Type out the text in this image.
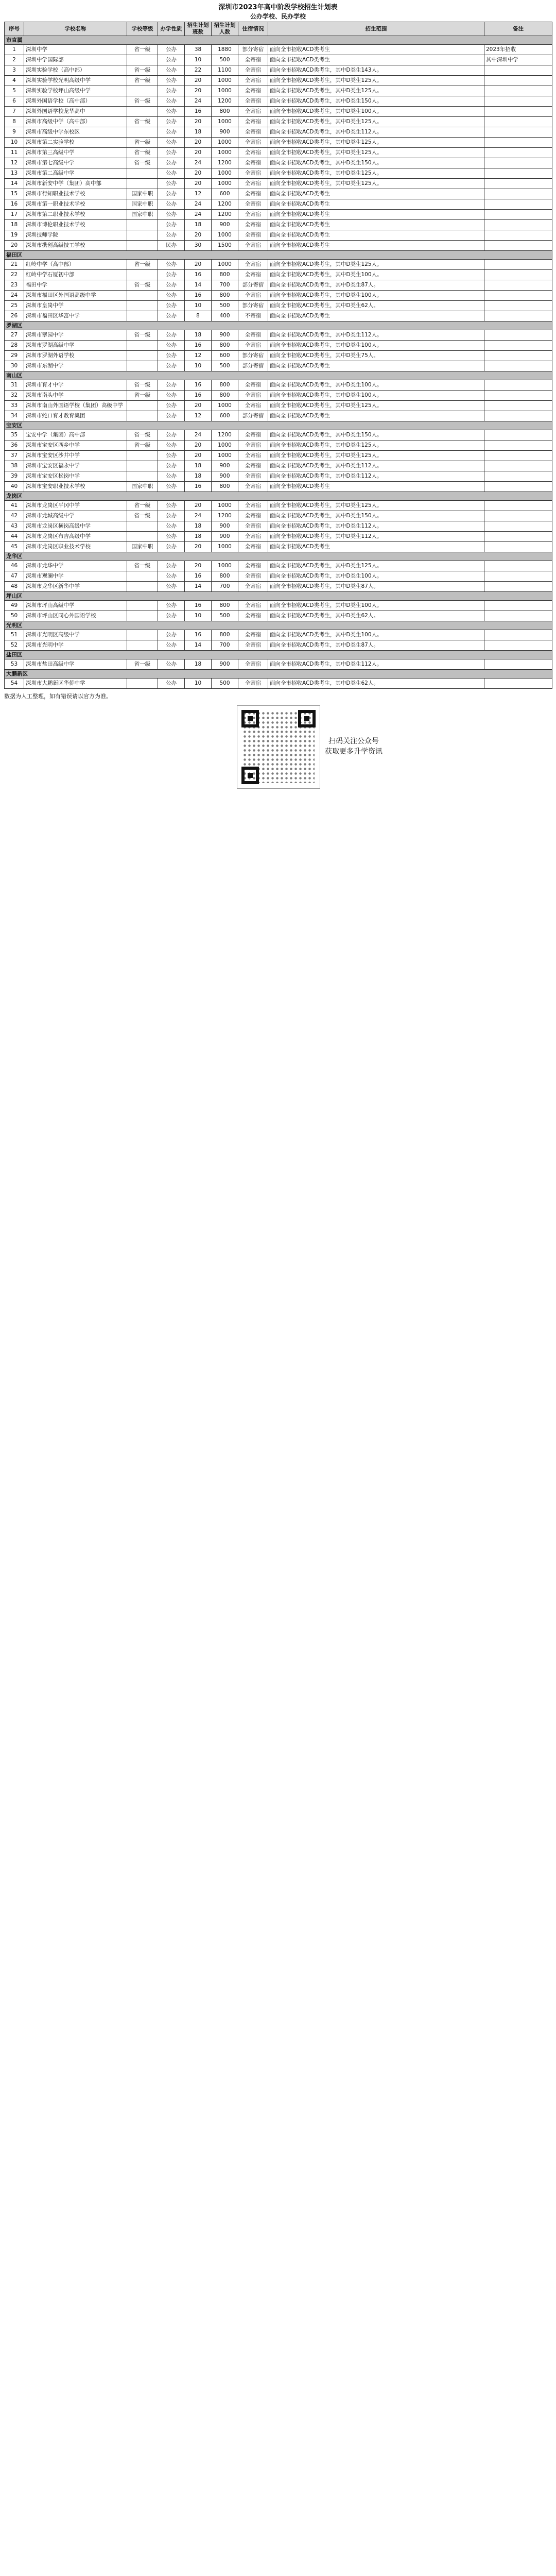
深圳市2023年高中阶段学校招生计划表
公办学校、民办学校
序号	学校名称	学校等级	办学性质	招生计划班数	招生计划人数	住宿情况	招生范围	备注
市直属								
1	深圳中学	省一级	公办	38	1880	部分寄宿	面向全市招收ACD类考生	2023年招收
2	深圳中学国际部		公办	10	500	全寄宿	面向全市招收ACD类考生	其中深圳中学
3	深圳实验学校（高中部）	省一级	公办	22	1100	全寄宿	面向全市招收ACD类考生，其中D类生143人。	
4	深圳实验学校光明高级中学	省一级	公办	20	1000	全寄宿	面向全市招收ACD类考生，其中D类生125人。	
5	深圳实验学校坪山高级中学		公办	20	1000	全寄宿	面向全市招收ACD类考生，其中D类生125人。	
6	深圳外国语学校（高中部）	省一级	公办	24	1200	全寄宿	面向全市招收ACD类考生，其中D类生150人。	
7	深圳外国语学校龙华高中		公办	16	800	全寄宿	面向全市招收ACD类考生，其中D类生100人。	
8	深圳市高级中学（高中部）	省一级	公办	20	1000	全寄宿	面向全市招收ACD类考生，其中D类生125人。	
9	深圳市高级中学东校区		公办	18	900	全寄宿	面向全市招收ACD类考生，其中D类生112人。	
10	深圳市第二实验学校	省一级	公办	20	1000	全寄宿	面向全市招收ACD类考生，其中D类生125人。	
11	深圳市第三高级中学	省一级	公办	20	1000	全寄宿	面向全市招收ACD类考生，其中D类生125人。	
12	深圳市第七高级中学	省一级	公办	24	1200	全寄宿	面向全市招收ACD类考生，其中D类生150人。	
13	深圳市第二高级中学		公办	20	1000	全寄宿	面向全市招收ACD类考生，其中D类生125人。	
14	深圳市新安中学（集团）高中部		公办	20	1000	全寄宿	面向全市招收ACD类考生，其中D类生125人。	
15	深圳市行知职业技术学校	国家中职	公办	12	600	全寄宿	面向全市招收ACD类考生	
16	深圳市第一职业技术学校	国家中职	公办	24	1200	全寄宿	面向全市招收ACD类考生	
17	深圳市第二职业技术学校	国家中职	公办	24	1200	全寄宿	面向全市招收ACD类考生	
18	深圳市博伦职业技术学校		公办	18	900	全寄宿	面向全市招收ACD类考生	
19	深圳技师学院		公办	20	1000	全寄宿	面向全市招收ACD类考生	
20	深圳市携创高级技工学校		民办	30	1500	全寄宿	面向全市招收ACD类考生	
福田区								
21	红岭中学（高中部）	省一级	公办	20	1000	全寄宿	面向全市招收ACD类考生，其中D类生125人。	
22	红岭中学石厦初中部		公办	16	800	全寄宿	面向全市招收ACD类考生，其中D类生100人。	
23	福田中学	省一级	公办	14	700	部分寄宿	面向全市招收ACD类考生，其中D类生87人。	
24	深圳市福田区外国语高级中学		公办	16	800	全寄宿	面向全市招收ACD类考生，其中D类生100人。	
25	深圳市皇岗中学		公办	10	500	部分寄宿	面向全市招收ACD类考生，其中D类生62人。	
26	深圳市福田区华富中学		公办	8	400	不寄宿	面向全市招收ACD类考生	
罗湖区								
27	深圳市翠园中学	省一级	公办	18	900	全寄宿	面向全市招收ACD类考生，其中D类生112人。	
28	深圳市罗湖高级中学		公办	16	800	全寄宿	面向全市招收ACD类考生，其中D类生100人。	
29	深圳市罗湖外语学校		公办	12	600	部分寄宿	面向全市招收ACD类考生，其中D类生75人。	
30	深圳市东湖中学		公办	10	500	部分寄宿	面向全市招收ACD类考生	
南山区								
31	深圳市育才中学	省一级	公办	16	800	全寄宿	面向全市招收ACD类考生，其中D类生100人。	
32	深圳市南头中学	省一级	公办	16	800	全寄宿	面向全市招收ACD类考生，其中D类生100人。	
33	深圳市南山外国语学校（集团）高级中学		公办	20	1000	全寄宿	面向全市招收ACD类考生，其中D类生125人。	
34	深圳市蛇口育才教育集团		公办	12	600	部分寄宿	面向全市招收ACD类考生	
宝安区								
35	宝安中学（集团）高中部	省一级	公办	24	1200	全寄宿	面向全市招收ACD类考生，其中D类生150人。	
36	深圳市宝安区西乡中学	省一级	公办	20	1000	全寄宿	面向全市招收ACD类考生，其中D类生125人。	
37	深圳市宝安区沙井中学		公办	20	1000	全寄宿	面向全市招收ACD类考生，其中D类生125人。	
38	深圳市宝安区福永中学		公办	18	900	全寄宿	面向全市招收ACD类考生，其中D类生112人。	
39	深圳市宝安区松岗中学		公办	18	900	全寄宿	面向全市招收ACD类考生，其中D类生112人。	
40	深圳市宝安职业技术学校	国家中职	公办	16	800	全寄宿	面向全市招收ACD类考生	
龙岗区								
41	深圳市龙岗区平冈中学	省一级	公办	20	1000	全寄宿	面向全市招收ACD类考生，其中D类生125人。	
42	深圳市龙城高级中学	省一级	公办	24	1200	全寄宿	面向全市招收ACD类考生，其中D类生150人。	
43	深圳市龙岗区横岗高级中学		公办	18	900	全寄宿	面向全市招收ACD类考生，其中D类生112人。	
44	深圳市龙岗区布吉高级中学		公办	18	900	全寄宿	面向全市招收ACD类考生，其中D类生112人。	
45	深圳市龙岗区职业技术学校	国家中职	公办	20	1000	全寄宿	面向全市招收ACD类考生	
龙华区								
46	深圳市龙华中学	省一级	公办	20	1000	全寄宿	面向全市招收ACD类考生，其中D类生125人。	
47	深圳市观澜中学		公办	16	800	全寄宿	面向全市招收ACD类考生，其中D类生100人。	
48	深圳市龙华区新华中学		公办	14	700	全寄宿	面向全市招收ACD类考生，其中D类生87人。	
坪山区								
49	深圳市坪山高级中学		公办	16	800	全寄宿	面向全市招收ACD类考生，其中D类生100人。	
50	深圳市坪山区同心外国语学校		公办	10	500	全寄宿	面向全市招收ACD类考生，其中D类生62人。	
光明区								
51	深圳市光明区高级中学		公办	16	800	全寄宿	面向全市招收ACD类考生，其中D类生100人。	
52	深圳市光明中学		公办	14	700	全寄宿	面向全市招收ACD类考生，其中D类生87人。	
盐田区								
53	深圳市盐田高级中学	省一级	公办	18	900	全寄宿	面向全市招收ACD类考生，其中D类生112人。	
大鹏新区								
54	深圳市大鹏新区华侨中学		公办	10	500	全寄宿	面向全市招收ACD类考生，其中D类生62人。	
数据为人工整理，如有错误请以官方为准。
扫码关注公众号
获取更多升学资讯
